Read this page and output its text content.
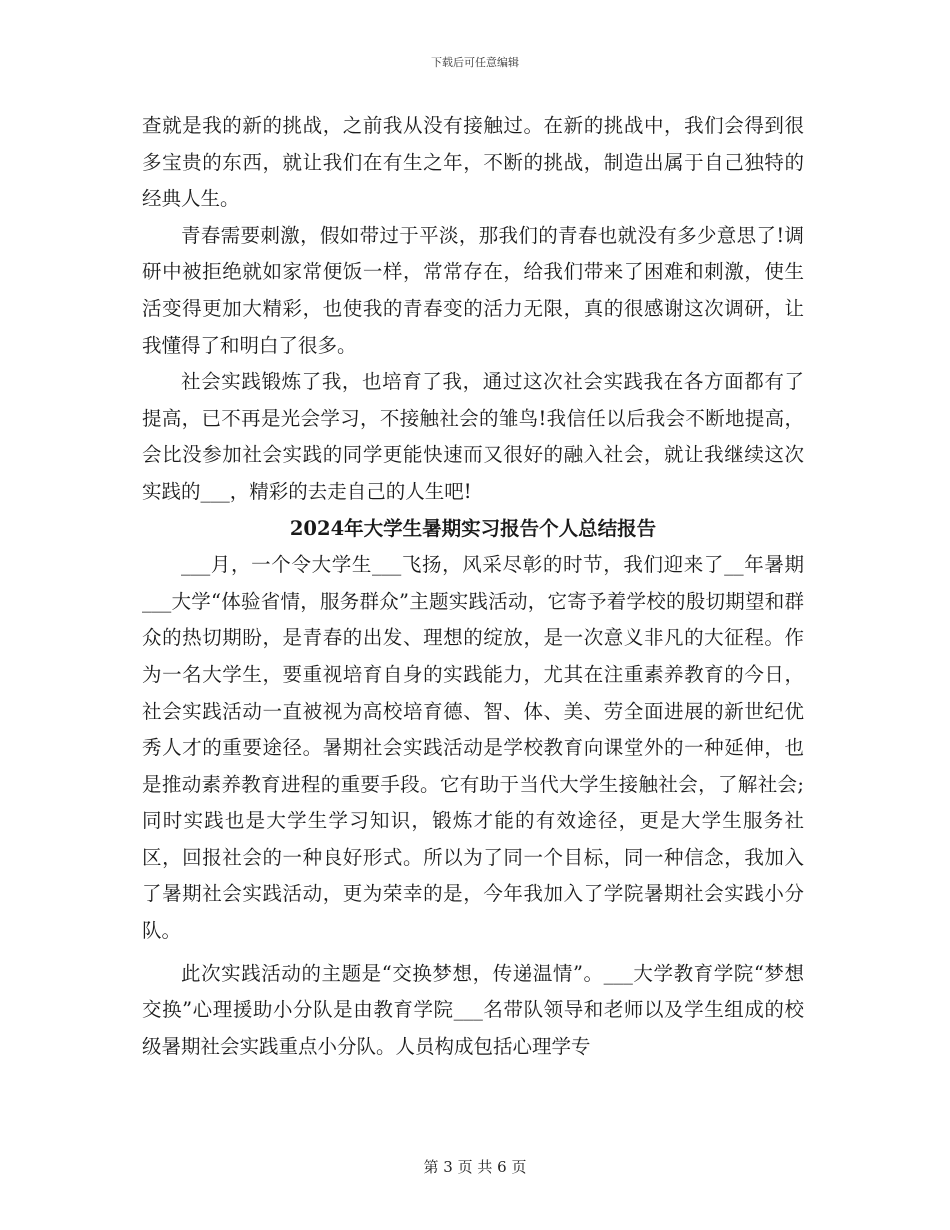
下载后可任意编辑

查就是我的新的挑战，之前我从没有接触过。在新的挑战中，我们会得到很多宝贵的东西，就让我们在有生之年，不断的挑战，制造出属于自己独特的经典人生。

青春需要刺激，假如带过于平淡，那我们的青春也就没有多少意思了!调研中被拒绝就如家常便饭一样，常常存在，给我们带来了困难和刺激，使生活变得更加大精彩，也使我的青春变的活力无限，真的很感谢这次调研，让我懂得了和明白了很多。

社会实践锻炼了我，也培育了我，通过这次社会实践我在各方面都有了提高，已不再是光会学习，不接触社会的雏鸟!我信任以后我会不断地提高，会比没参加社会实践的同学更能快速而又很好的融入社会，就让我继续这次实践的___，精彩的去走自己的人生吧!

2024年大学生暑期实习报告个人总结报告

___月，一个令大学生___飞扬，风采尽彰的时节，我们迎来了__年暑期___大学“体验省情，服务群众”主题实践活动，它寄予着学校的殷切期望和群众的热切期盼，是青春的出发、理想的绽放，是一次意义非凡的大征程。作为一名大学生，要重视培育自身的实践能力，尤其在注重素养教育的今日，社会实践活动一直被视为高校培育德、智、体、美、劳全面进展的新世纪优秀人才的重要途径。暑期社会实践活动是学校教育向课堂外的一种延伸，也是推动素养教育进程的重要手段。它有助于当代大学生接触社会，了解社会;同时实践也是大学生学习知识，锻炼才能的有效途径，更是大学生服务社区，回报社会的一种良好形式。所以为了同一个目标，同一种信念，我加入了暑期社会实践活动，更为荣幸的是，今年我加入了学院暑期社会实践小分队。

此次实践活动的主题是“交换梦想，传递温情”。___大学教育学院“梦想交换”心理援助小分队是由教育学院___名带队领导和老师以及学生组成的校级暑期社会实践重点小分队。人员构成包括心理学专

第 3 页 共 6 页
